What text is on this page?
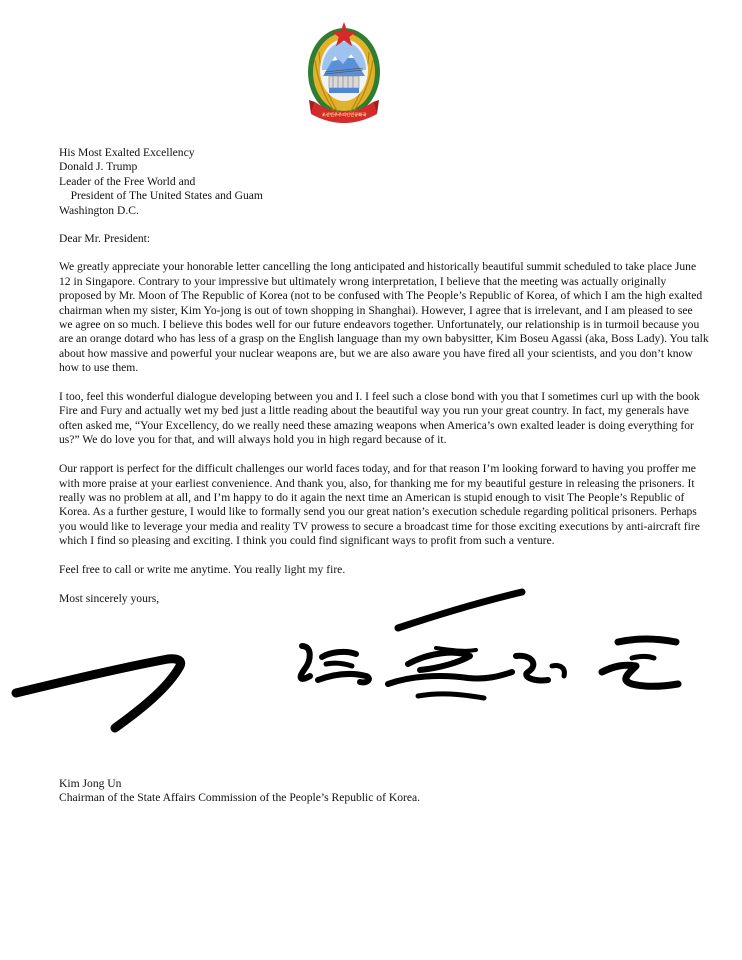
조선민주주의인민공화국
His Most Exalted Excellency
Donald J. Trump
Leader of the Free World and
President of The United States and Guam
Washington D.C.
Dear Mr. President:

We greatly appreciate your honorable letter cancelling the long anticipated and historically beautiful summit scheduled to take place June 12 in Singapore. Contrary to your impressive but ultimately wrong interpretation, I believe that the meeting was actually originally proposed by Mr. Moon of The Republic of Korea (not to be confused with The People’s Republic of Korea, of which I am the high exalted chairman when my sister, Kim Yo-jong is out of town shopping in Shanghai). However, I agree that is irrelevant, and I am pleased to see we agree on so much. I believe this bodes well for our future endeavors together. Unfortunately, our relationship is in turmoil because you are an orange dotard who has less of a grasp on the English language than my own babysitter, Kim Boseu Agassi (aka, Boss Lady). You talk about how massive and powerful your nuclear weapons are, but we are also aware you have fired all your scientists, and you don’t know how to use them.

I too, feel this wonderful dialogue developing between you and I. I feel such a close bond with you that I sometimes curl up with the book Fire and Fury and actually wet my bed just a little reading about the beautiful way you run your great country. In fact, my generals have often asked me, “Your Excellency, do we really need these amazing weapons when America’s own exalted leader is doing everything for us?” We do love you for that, and will always hold you in high regard because of it.

Our rapport is perfect for the difficult challenges our world faces today, and for that reason I’m looking forward to having you proffer me with more praise at your earliest convenience. And thank you, also, for thanking me for my beautiful gesture in releasing the prisoners. It really was no problem at all, and I’m happy to do it again the next time an American is stupid enough to visit The People’s Republic of Korea. As a further gesture, I would like to formally send you our great nation’s execution schedule regarding political prisoners. Perhaps you would like to leverage your media and reality TV prowess to secure a broadcast time for those exciting executions by anti-aircraft fire which I find so pleasing and exciting. I think you could find significant ways to profit from such a venture.

Feel free to call or write me anytime. You really light my fire.

Most sincerely yours,
Kim Jong Un
Chairman of the State Affairs Commission of the People’s Republic of Korea.
